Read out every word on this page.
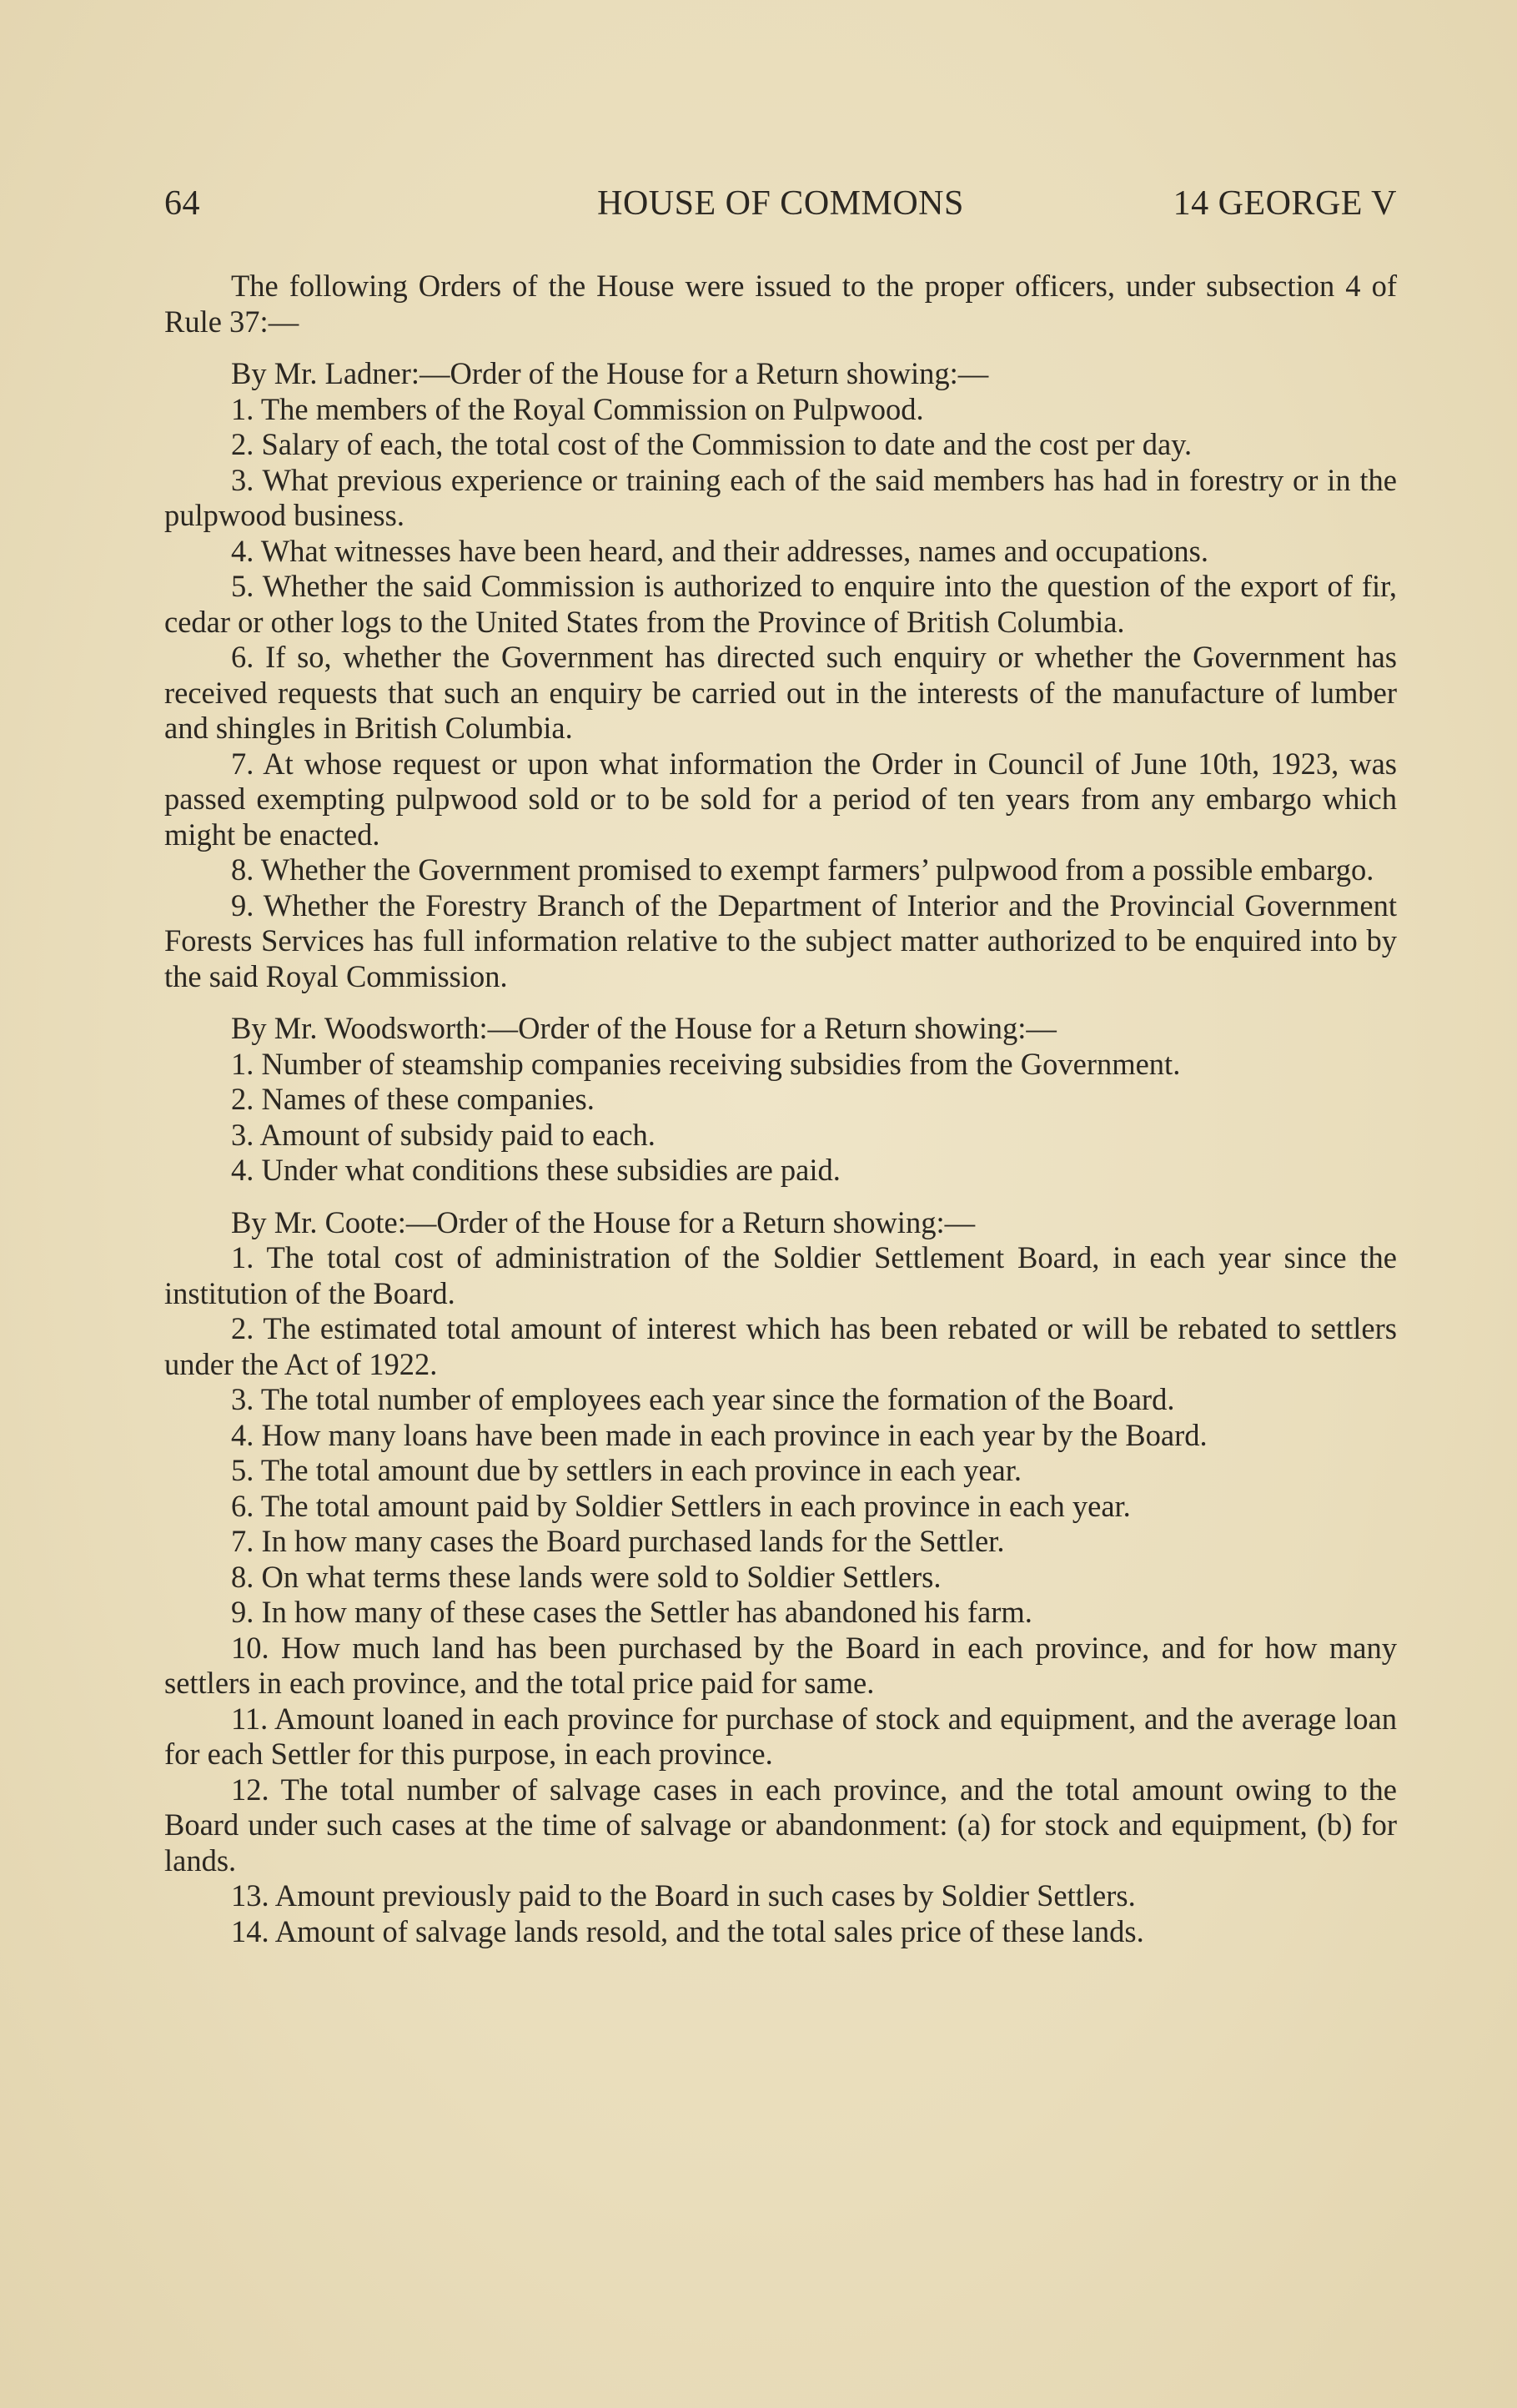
64	HOUSE OF COMMONS	14 GEORGE V

The following Orders of the House were issued to the proper officers, under subsection 4 of Rule 37:—

By Mr. Ladner:—Order of the House for a Return showing:—

1. The members of the Royal Commission on Pulpwood.

2. Salary of each, the total cost of the Commission to date and the cost per day.

3. What previous experience or training each of the said members has had in forestry or in the pulpwood business.

4. What witnesses have been heard, and their addresses, names and occupations.

5. Whether the said Commission is authorized to enquire into the question of the export of fir, cedar or other logs to the United States from the Province of British Columbia.

6. If so, whether the Government has directed such enquiry or whether the Government has received requests that such an enquiry be carried out in the interests of the manufacture of lumber and shingles in British Columbia.

7. At whose request or upon what information the Order in Council of June 10th, 1923, was passed exempting pulpwood sold or to be sold for a period of ten years from any embargo which might be enacted.

8. Whether the Government promised to exempt farmers’ pulpwood from a possible embargo.

9. Whether the Forestry Branch of the Department of Interior and the Provincial Government Forests Services has full information relative to the subject matter authorized to be enquired into by the said Royal Commission.

By Mr. Woodsworth:—Order of the House for a Return showing:—

1. Number of steamship companies receiving subsidies from the Government.

2. Names of these companies.

3. Amount of subsidy paid to each.

4. Under what conditions these subsidies are paid.

By Mr. Coote:—Order of the House for a Return showing:—

1. The total cost of administration of the Soldier Settlement Board, in each year since the institution of the Board.

2. The estimated total amount of interest which has been rebated or will be rebated to settlers under the Act of 1922.

3. The total number of employees each year since the formation of the Board.

4. How many loans have been made in each province in each year by the Board.

5. The total amount due by settlers in each province in each year.

6. The total amount paid by Soldier Settlers in each province in each year.

7. In how many cases the Board purchased lands for the Settler.

8. On what terms these lands were sold to Soldier Settlers.

9. In how many of these cases the Settler has abandoned his farm.

10. How much land has been purchased by the Board in each province, and for how many settlers in each province, and the total price paid for same.

11. Amount loaned in each province for purchase of stock and equipment, and the average loan for each Settler for this purpose, in each province.

12. The total number of salvage cases in each province, and the total amount owing to the Board under such cases at the time of salvage or abandonment: (a) for stock and equipment, (b) for lands.

13. Amount previously paid to the Board in such cases by Soldier Settlers.

14. Amount of salvage lands resold, and the total sales price of these lands.
